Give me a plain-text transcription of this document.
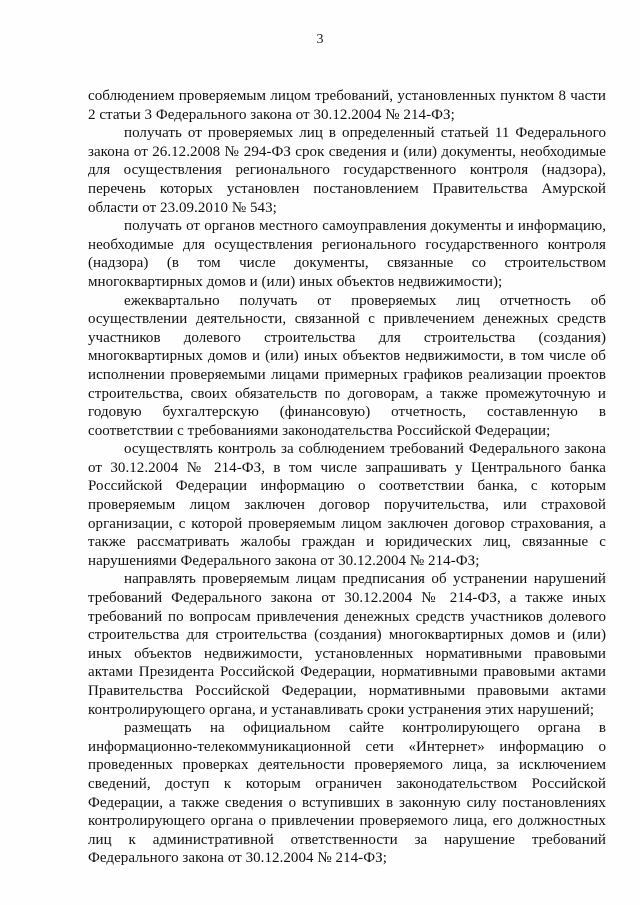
3

соблюдением проверяемым лицом требований, установленных пунктом 8 части 2 статьи 3 Федерального закона от 30.12.2004 № 214-ФЗ;

получать от проверяемых лиц в определенный статьей 11 Федерального закона от 26.12.2008 № 294-ФЗ срок сведения и (или) документы, необходимые для осуществления регионального государственного контроля (надзора), перечень которых установлен постановлением Правительства Амурской области от 23.09.2010 № 543;

получать от органов местного самоуправления документы и информацию, необходимые для осуществления регионального государственного контроля (надзора) (в том числе документы, связанные со строительством многоквартирных домов и (или) иных объектов недвижимости);

ежеквартально получать от проверяемых лиц отчетность об осуществлении деятельности, связанной с привлечением денежных средств участников долевого строительства для строительства (создания) многоквартирных домов и (или) иных объектов недвижимости, в том числе об исполнении проверяемыми лицами примерных графиков реализации проектов строительства, своих обязательств по договорам, а также промежуточную и годовую бухгалтерскую (финансовую) отчетность, составленную в соответствии с требованиями законодательства Российской Федерации;

осуществлять контроль за соблюдением требований Федерального закона от 30.12.2004 № 214-ФЗ, в том числе запрашивать у Центрального банка Российской Федерации информацию о соответствии банка, с которым проверяемым лицом заключен договор поручительства, или страховой организации, с которой проверяемым лицом заключен договор страхования, а также рассматривать жалобы граждан и юридических лиц, связанные с нарушениями Федерального закона от 30.12.2004 № 214-ФЗ;

направлять проверяемым лицам предписания об устранении нарушений требований Федерального закона от 30.12.2004 № 214-ФЗ, а также иных требований по вопросам привлечения денежных средств участников долевого строительства для строительства (создания) многоквартирных домов и (или) иных объектов недвижимости, установленных нормативными правовыми актами Президента Российской Федерации, нормативными правовыми актами Правительства Российской Федерации, нормативными правовыми актами контролирующего органа, и устанавливать сроки устранения этих нарушений;

размещать на официальном сайте контролирующего органа в информационно-телекоммуникационной сети «Интернет» информацию о проведенных проверках деятельности проверяемого лица, за исключением сведений, доступ к которым ограничен законодательством Российской Федерации, а также сведения о вступивших в законную силу постановлениях контролирующего органа о привлечении проверяемого лица, его должностных лиц к административной ответственности за нарушение требований Федерального закона от 30.12.2004 № 214-ФЗ;
